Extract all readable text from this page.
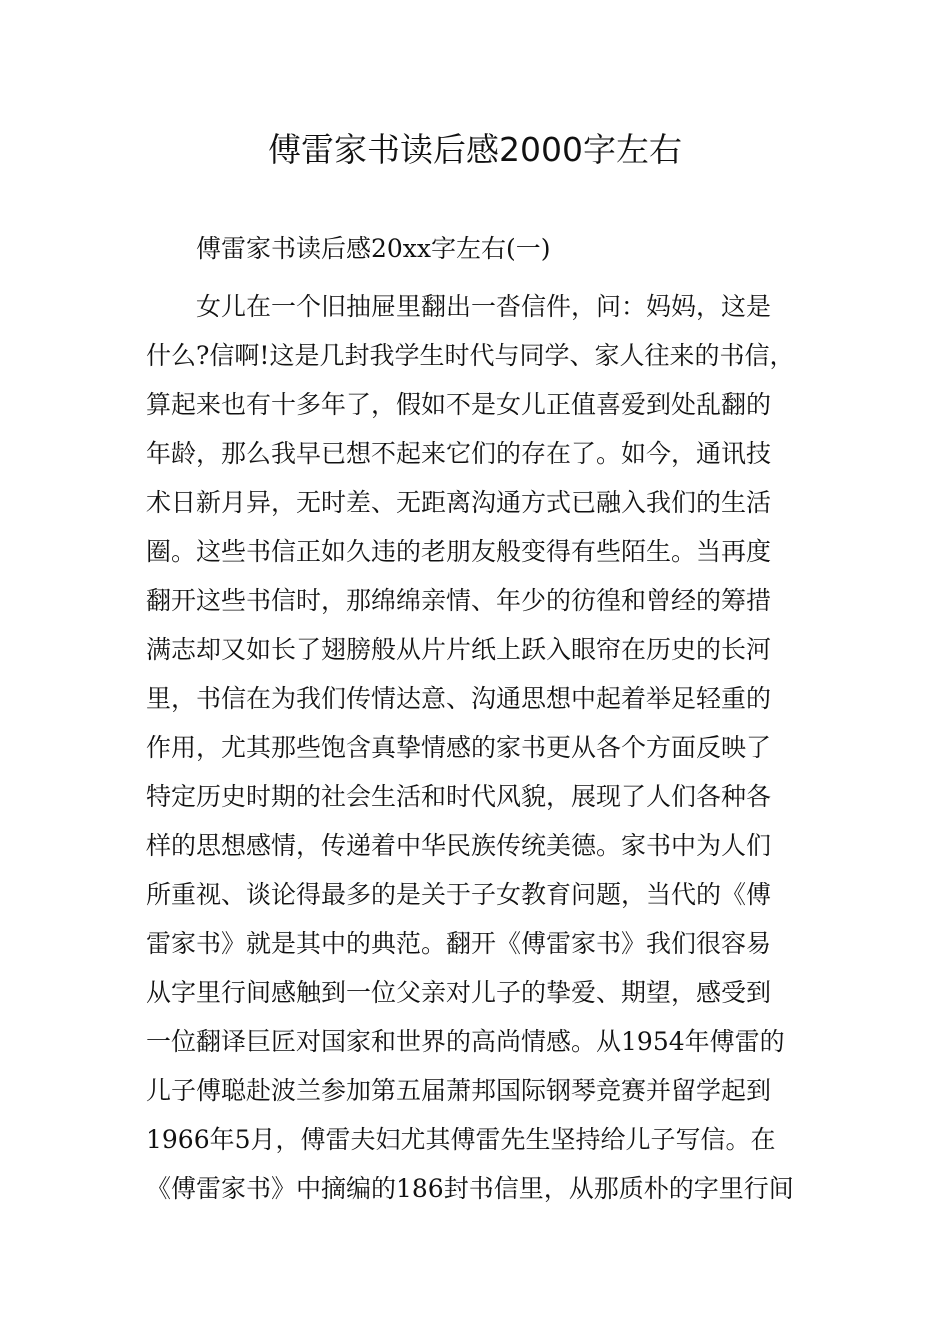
傅雷家书读后感2000字左右

傅雷家书读后感20xx字左右(一)

　　女儿在一个旧抽屉里翻出一沓信件，问：妈妈，这是
什么?信啊!这是几封我学生时代与同学、家人往来的书信，
算起来也有十多年了，假如不是女儿正值喜爱到处乱翻的
年龄，那么我早已想不起来它们的存在了。如今，通讯技
术日新月异，无时差、无距离沟通方式已融入我们的生活
圈。这些书信正如久违的老朋友般变得有些陌生。当再度
翻开这些书信时，那绵绵亲情、年少的彷徨和曾经的筹措
满志却又如长了翅膀般从片片纸上跃入眼帘在历史的长河
里，书信在为我们传情达意、沟通思想中起着举足轻重的
作用，尤其那些饱含真挚情感的家书更从各个方面反映了
特定历史时期的社会生活和时代风貌，展现了人们各种各
样的思想感情，传递着中华民族传统美德。家书中为人们
所重视、谈论得最多的是关于子女教育问题，当代的《傅
雷家书》就是其中的典范。翻开《傅雷家书》我们很容易
从字里行间感触到一位父亲对儿子的挚爱、期望，感受到
一位翻译巨匠对国家和世界的高尚情感。从1954年傅雷的
儿子傅聪赴波兰参加第五届萧邦国际钢琴竞赛并留学起到
1966年5月，傅雷夫妇尤其傅雷先生坚持给儿子写信。在
《傅雷家书》中摘编的186封书信里，从那质朴的字里行间
